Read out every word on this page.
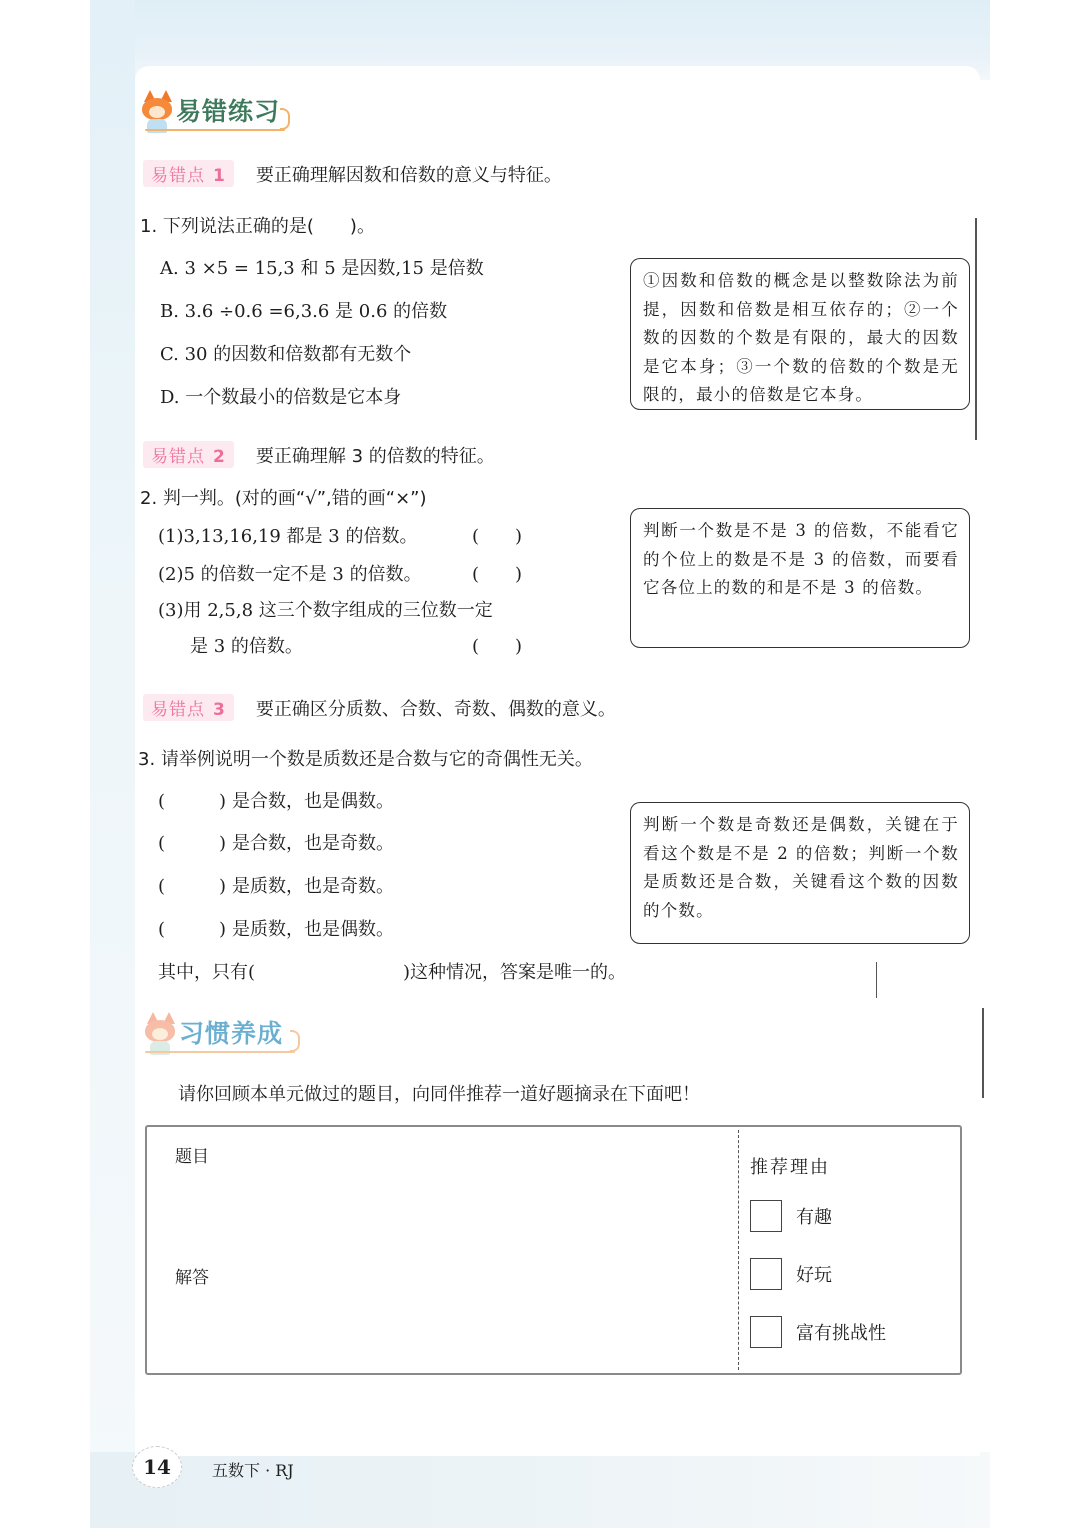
易错练习
易错点 1	要正确理解因数和倍数的意义与特征。
1. 下列说法正确的是(　　)。
A. 3 ×5 = 15,3 和 5 是因数,15 是倍数
B. 3.6 ÷0.6 =6,3.6 是 0.6 的倍数
C. 30 的因数和倍数都有无数个
D. 一个数最小的倍数是它本身
①因数和倍数的概念是以整数除法为前提，因数和倍数是相互依存的；②一个数的因数的个数是有限的，最大的因数是它本身；③一个数的倍数的个数是无限的，最小的倍数是它本身。
易错点 2	要正确理解 3 的倍数的特征。
2. 判一判。(对的画“√”,错的画“×”)
(1)3,13,16,19 都是 3 的倍数。	(　　)
(2)5 的倍数一定不是 3 的倍数。	(　　)
(3)用 2,5,8 这三个数字组成的三位数一定
是 3 的倍数。	(　　)
判断一个数是不是 3 的倍数，不能看它的个位上的数是不是 3 的倍数，而要看它各位上的数的和是不是 3 的倍数。
易错点 3	要正确区分质数、合数、奇数、偶数的意义。
3. 请举例说明一个数是质数还是合数与它的奇偶性无关。
(　　　) 是合数，也是偶数。
(　　　) 是合数，也是奇数。
(　　　) 是质数，也是奇数。
(　　　) 是质数，也是偶数。
其中，只有(	)这种情况，答案是唯一的。
判断一个数是奇数还是偶数，关键在于看这个数是不是 2 的倍数；判断一个数是质数还是合数，关键看这个数的因数的个数。
习惯养成
请你回顾本单元做过的题目，向同伴推荐一道好题摘录在下面吧！
题目
解答
推荐理由
有趣
好玩
富有挑战性
14	五数下 · RJ
